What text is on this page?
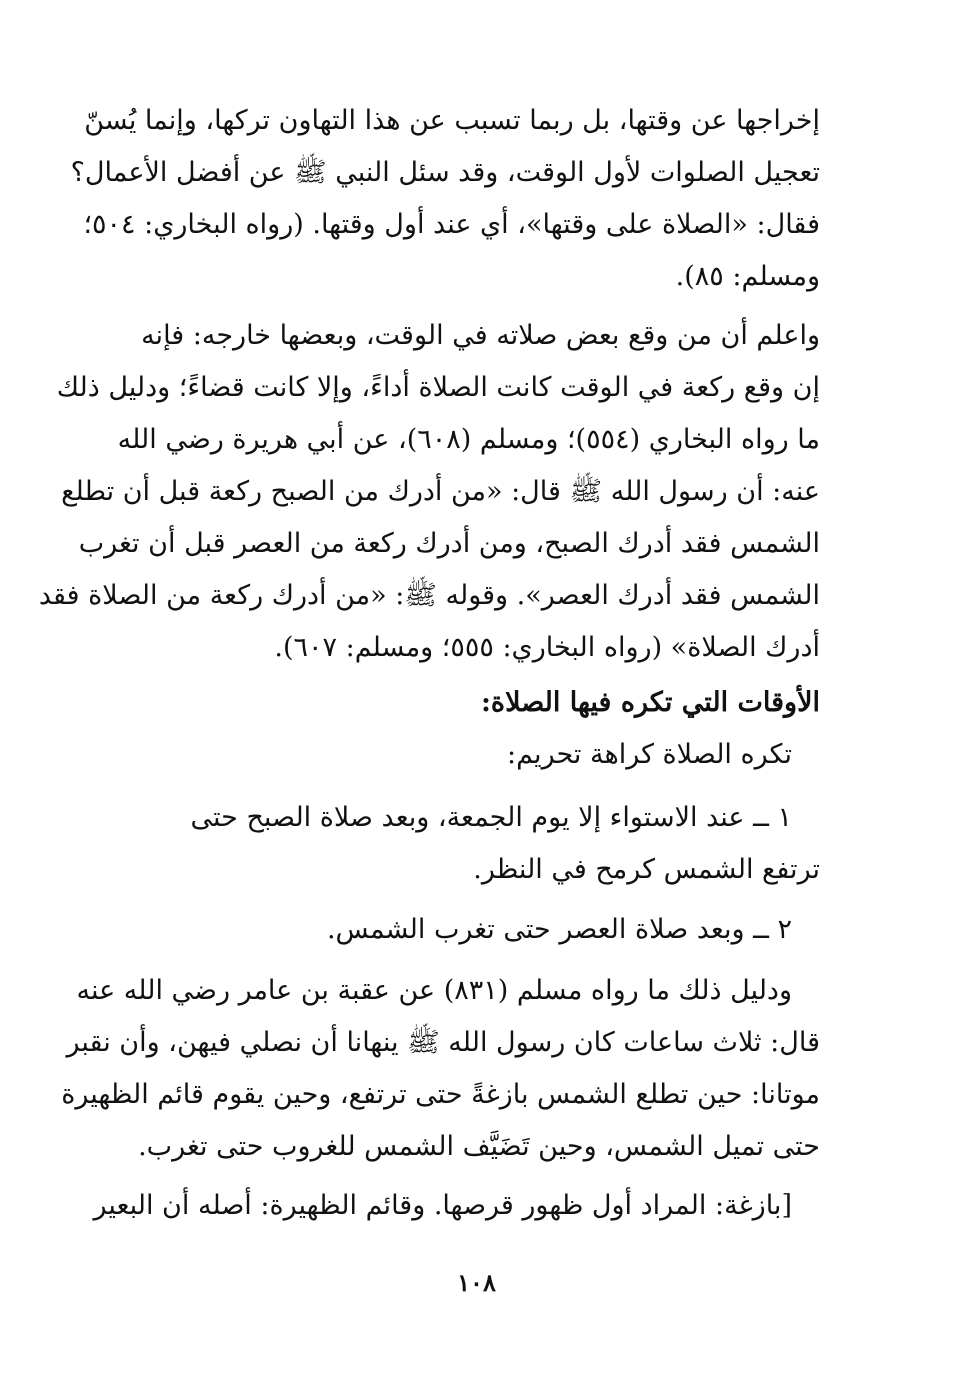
إخراجها عن وقتها، بل ربما تسبب عن هذا التهاون تركها، وإنما يُسنّ
تعجيل الصلوات لأول الوقت، وقد سئل النبي ﷺ عن أفضل الأعمال؟
فقال: «الصلاة على وقتها»، أي عند أول وقتها. (رواه البخاري: ٥٠٤؛
ومسلم: ٨٥).
واعلم أن من وقع بعض صلاته في الوقت، وبعضها خارجه: فإنه
إن وقع ركعة في الوقت كانت الصلاة أداءً، وإلا كانت قضاءً؛ ودليل ذلك
ما رواه البخاري (٥٥٤)؛ ومسلم (٦٠٨)، عن أبي هريرة رضي الله
عنه: أن رسول الله ﷺ قال: «من أدرك من الصبح ركعة قبل أن تطلع
الشمس فقد أدرك الصبح، ومن أدرك ركعة من العصر قبل أن تغرب
الشمس فقد أدرك العصر». وقوله ﷺ: «من أدرك ركعة من الصلاة فقد
أدرك الصلاة» (رواه البخاري: ٥٥٥؛ ومسلم: ٦٠٧).
الأوقات التي تكره فيها الصلاة:
تكره الصلاة كراهة تحريم:
١ ــ عند الاستواء إلا يوم الجمعة، وبعد صلاة الصبح حتى
ترتفع الشمس كرمح في النظر.
٢ ــ وبعد صلاة العصر حتى تغرب الشمس.
ودليل ذلك ما رواه مسلم (٨٣١) عن عقبة بن عامر رضي الله عنه
قال: ثلاث ساعات كان رسول الله ﷺ ينهانا أن نصلي فيهن، وأن نقبر
موتانا: حين تطلع الشمس بازغةً حتى ترتفع، وحين يقوم قائم الظهيرة
حتى تميل الشمس، وحين تَضَيَّف الشمس للغروب حتى تغرب.
[بازغة: المراد أول ظهور قرصها. وقائم الظهيرة: أصله أن البعير
١٠٨
